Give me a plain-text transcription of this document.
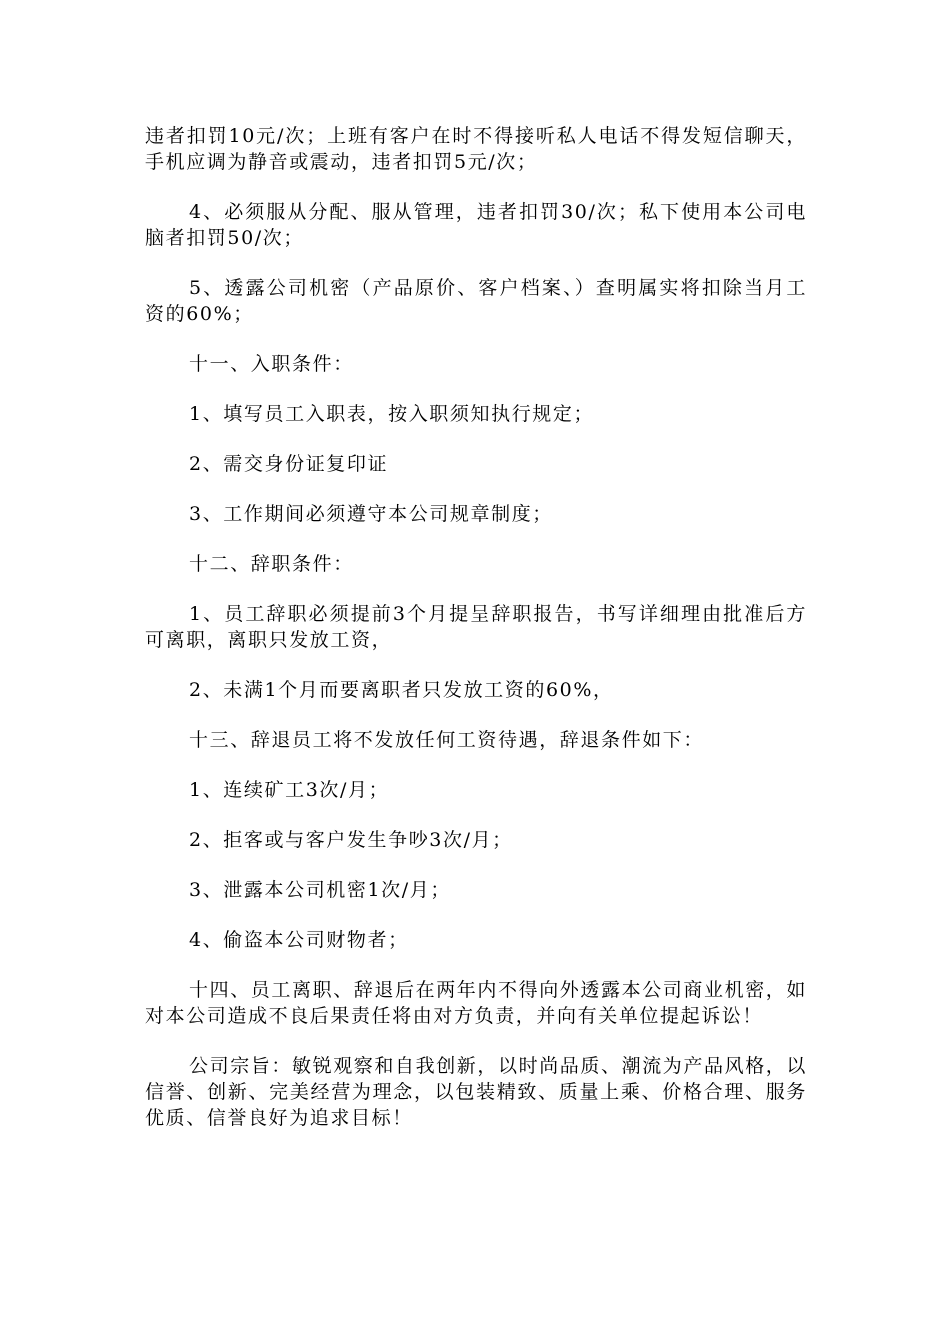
违者扣罚10元/次；上班有客户在时不得接听私人电话不得发短信聊天，手机应调为静音或震动，违者扣罚5元/次；

4、必须服从分配、服从管理，违者扣罚30/次；私下使用本公司电脑者扣罚50/次；

5、透露公司机密（产品原价、客户档案、）查明属实将扣除当月工资的60%；

十一、入职条件：

1、填写员工入职表，按入职须知执行规定；

2、需交身份证复印证

3、工作期间必须遵守本公司规章制度；

十二、辞职条件：

1、员工辞职必须提前3个月提呈辞职报告，书写详细理由批准后方可离职，离职只发放工资，

2、未满1个月而要离职者只发放工资的60%，

十三、辞退员工将不发放任何工资待遇，辞退条件如下：

1、连续矿工3次/月；

2、拒客或与客户发生争吵3次/月；

3、泄露本公司机密1次/月；

4、偷盗本公司财物者；

十四、员工离职、辞退后在两年内不得向外透露本公司商业机密，如对本公司造成不良后果责任将由对方负责，并向有关单位提起诉讼！

公司宗旨：敏锐观察和自我创新，以时尚品质、潮流为产品风格，以信誉、创新、完美经营为理念，以包装精致、质量上乘、价格合理、服务优质、信誉良好为追求目标！
